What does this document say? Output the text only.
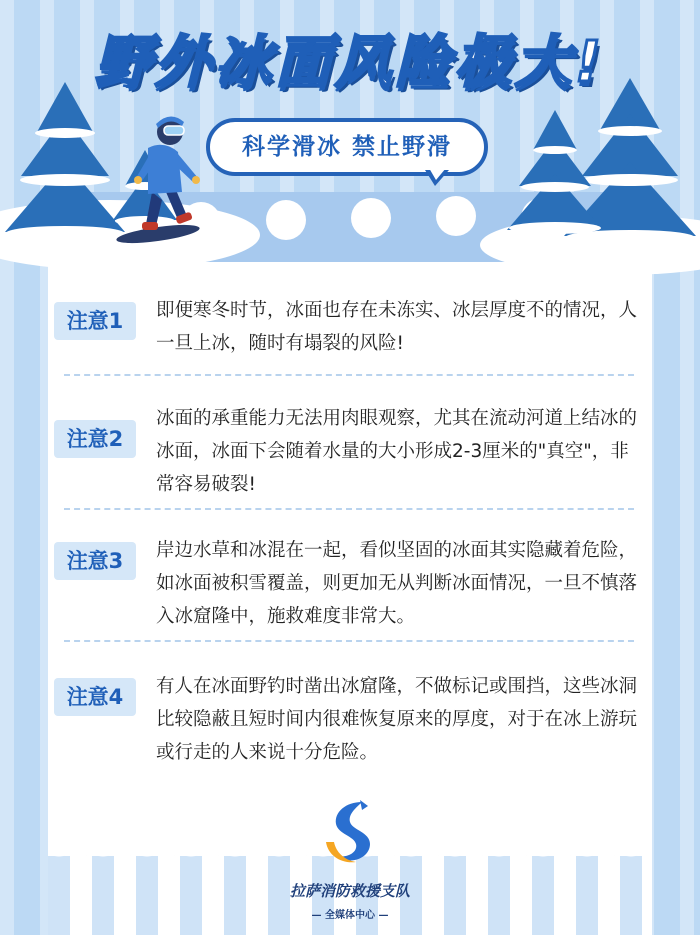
野外冰面风险极大!
科学滑冰 禁止野滑
注意1	即便寒冬时节，冰面也存在未冻实、冰层厚度不的情况，人一旦上冰，随时有塌裂的风险!
注意2
冰面的承重能力无法用肉眼观察，尤其在流动河道上结冰的冰面，冰面下会随着水量的大小形成2-3厘米的"真空"，非常容易破裂!
注意3	岸边水草和冰混在一起，看似坚固的冰面其实隐藏着危险，如冰面被积雪覆盖，则更加无从判断冰面情况，一旦不慎落入冰窟隆中，施救难度非常大。
注意4	有人在冰面野钓时凿出冰窟隆，不做标记或围挡，这些冰洞比较隐蔽且短时间内很难恢复原来的厚度，对于在冰上游玩或行走的人来说十分危险。
拉萨消防救援支队
— 全媒体中心 —
